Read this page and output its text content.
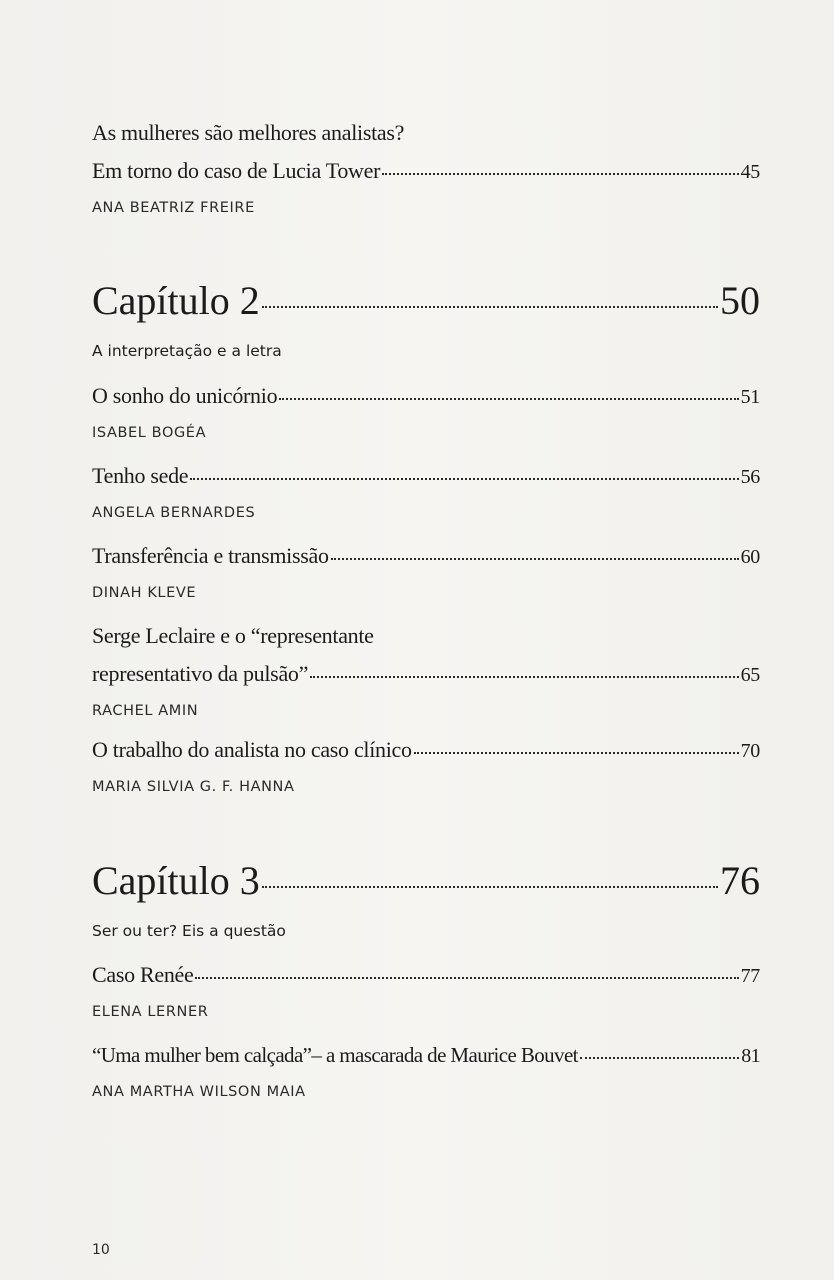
As mulheres são melhores analistas?
Em torno do caso de Lucia Tower	45
ANA BEATRIZ FREIRE
Capítulo 2	50
A interpretação e a letra
O sonho do unicórnio	51
ISABEL BOGÉA
Tenho sede	56
ANGELA BERNARDES
Transferência e transmissão	60
DINAH KLEVE
Serge Leclaire e o “representante
representativo da pulsão”	65
RACHEL AMIN
O trabalho do analista no caso clínico	70
MARIA SILVIA G. F. HANNA
Capítulo 3	76
Ser ou ter? Eis a questão
Caso Renée	77
ELENA LERNER
“Uma mulher bem calçada”– a mascarada de Maurice Bouvet	81
ANA MARTHA WILSON MAIA
10
